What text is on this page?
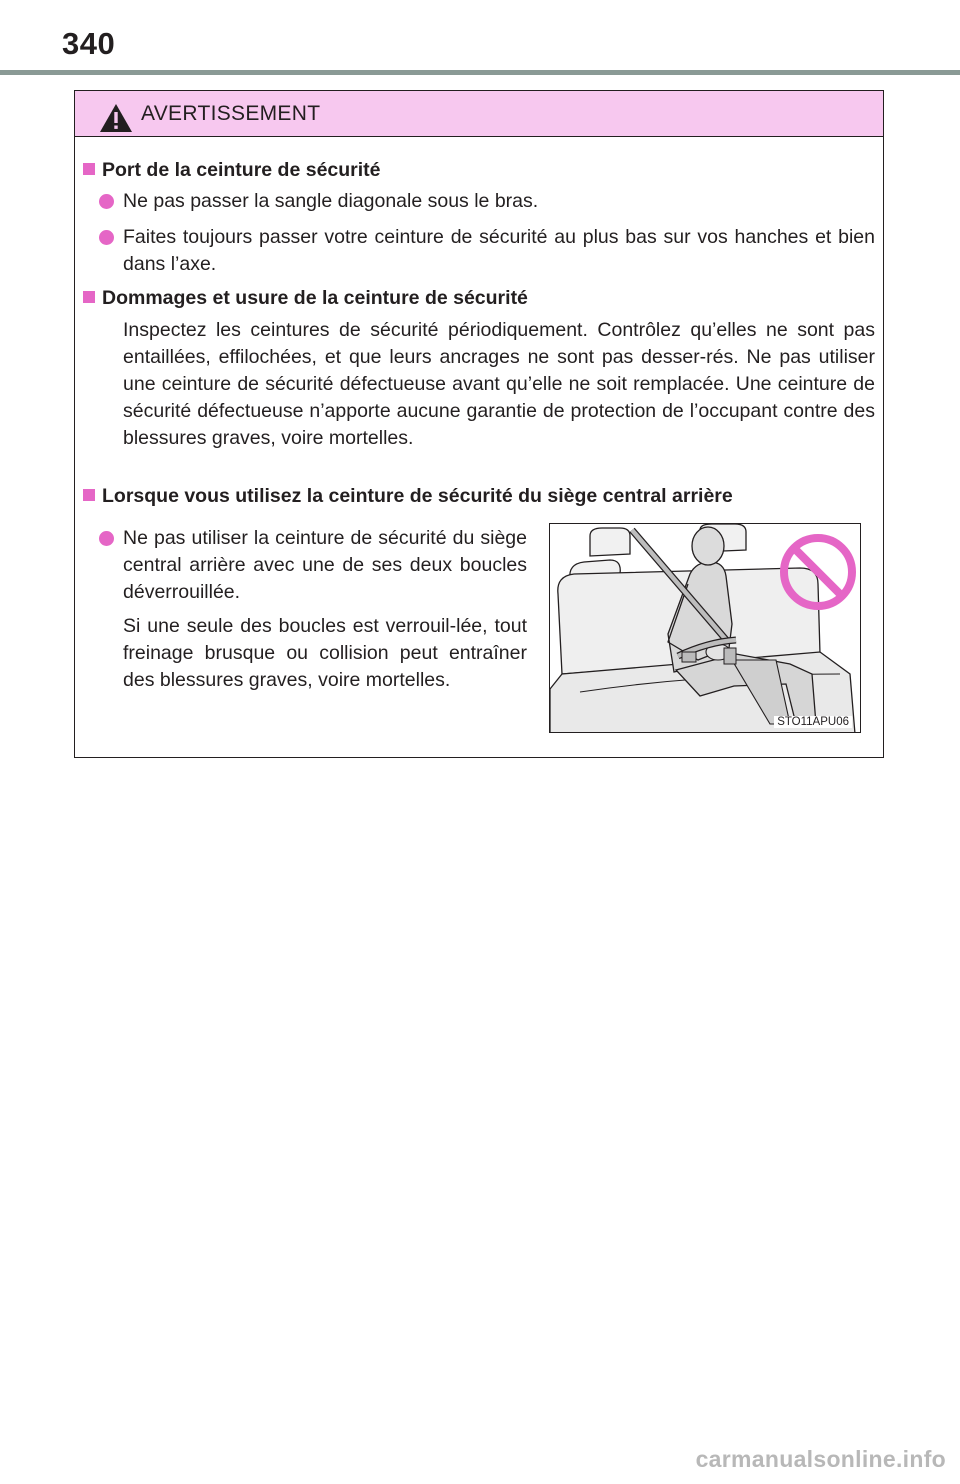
340
AVERTISSEMENT
Port de la ceinture de sécurité
Ne pas passer la sangle diagonale sous le bras.
Faites toujours passer votre ceinture de sécurité au plus bas sur vos hanches et bien dans l’axe.
Dommages et usure de la ceinture de sécurité
Inspectez les ceintures de sécurité périodiquement. Contrôlez qu’elles ne sont pas entaillées, effilochées, et que leurs ancrages ne sont pas desser-rés. Ne pas utiliser une ceinture de sécurité défectueuse avant qu’elle ne soit remplacée. Une ceinture de sécurité défectueuse n’apporte aucune garantie de protection de l’occupant contre des blessures graves, voire mortelles.
Lorsque vous utilisez la ceinture de sécurité du siège central arrière
Ne pas utiliser la ceinture de sécurité du siège central arrière avec une de ses deux boucles déverrouillée.
Si une seule des boucles est verrouil-lée, tout freinage brusque ou collision peut entraîner des blessures graves, voire mortelles.
STO11APU06
carmanualsonline.info
